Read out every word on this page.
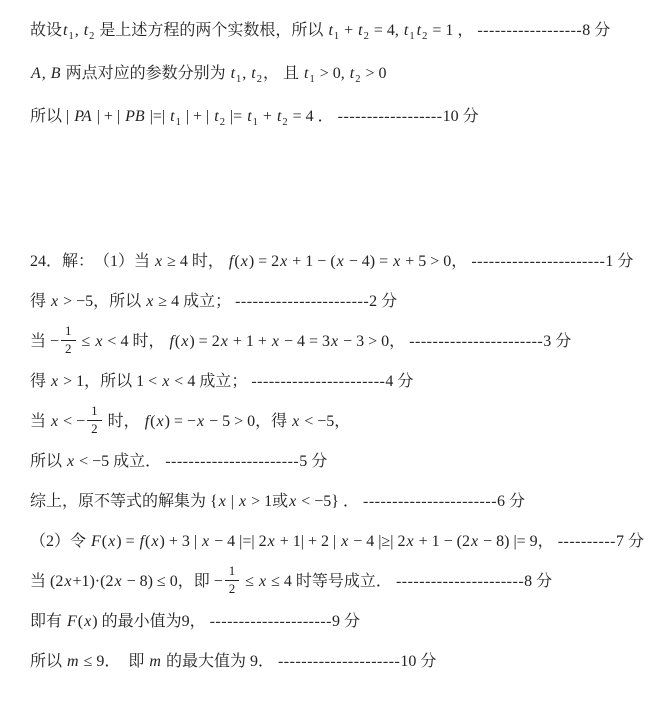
故设$t_1$, $t_2$ 是上述方程的两个实数根，所以 $t_1 + t_2 = 4$, $t_1$ $t_2 = 1$ ， ------------------8 分
A, B 两点对应的参数分别为 $t_1$, $t_2$， 且 $t_1 > 0$, $t_2 > 0$
所以 | PA | + | PB |=| $t_1$ | + | $t_2$ |= $t_1 + t_2 = 4$ ． ------------------10 分
24．解：　（1）当 x ≥ 4 时， f(x) = 2x + 1 − (x − 4) = x + 5 > 0， -----------------------1 分
得 x > −5，所以 x ≥ 4 成立； -----------------------2 分
当 − $\frac{1}{2} \le x < 4$ 时， f(x) = 2x + 1 + x − 4 = 3x − 3 > 0， -----------------------3 分
得 x > 1，所以 1 < x < 4 成立； -----------------------4 分
当 x < − $\frac{1}{2}$ 时， f(x) = −x − 5 > 0，得 x < −5，
所以 x < −5 成立． -----------------------5 分
综上，原不等式的解集为 {x | x > 1或x < −5} ． -----------------------6 分
（2）令 F(x) = f(x) + 3 | x − 4 |=| 2x + 1| + 2 | x − 4 |≥| 2x + 1 − (2x − 8) |= 9， ----------7 分
当 (2x+1)·(2x − 8) ≤ 0，即 − $\frac{1}{2} \le x \le 4$ 时等号成立． ----------------------8 分
即有 F(x) 的最小值为9， ---------------------9 分
所以 m ≤ 9．　即 m 的最大值为 9． ---------------------10 分
